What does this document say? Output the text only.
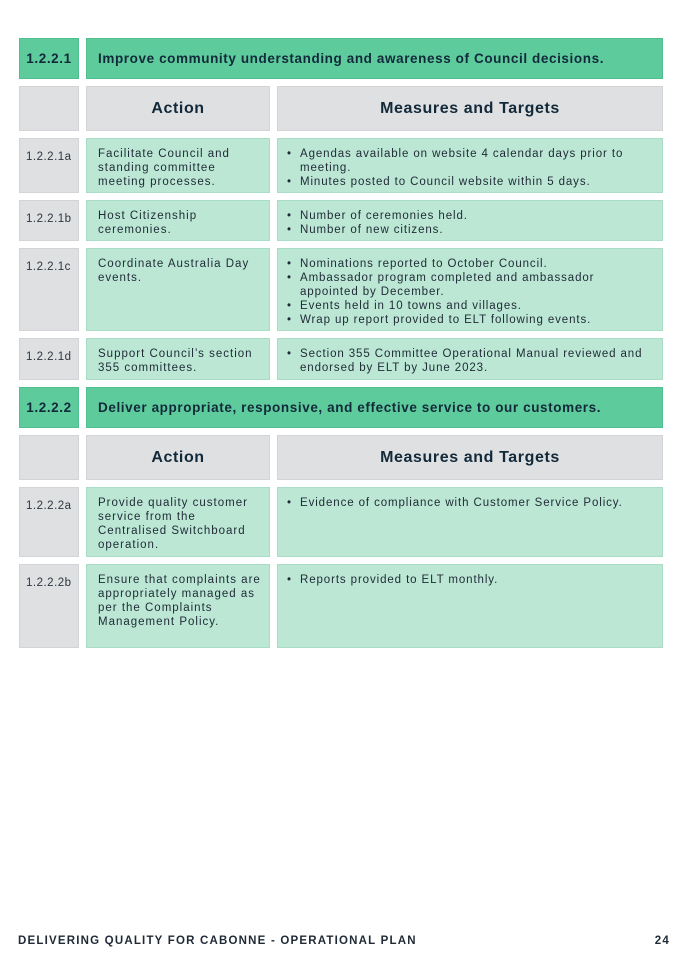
1.2.2.1	Improve community understanding and awareness of Council decisions.
Action	Measures and Targets
1.2.2.1a	Facilitate Council and standing committee meeting processes.
• Agendas available on website 4 calendar days prior to meeting.
• Minutes posted to Council website within 5 days.
1.2.2.1b	Host Citizenship ceremonies.
• Number of ceremonies held.
• Number of new citizens.
1.2.2.1c	Coordinate Australia Day events.
• Nominations reported to October Council.
• Ambassador program completed and ambassador appointed by December.
• Events held in 10 towns and villages.
• Wrap up report provided to ELT following events.
1.2.2.1d	Support Council’s section 355 committees.
• Section 355 Committee Operational Manual reviewed and endorsed by ELT by June 2023.
1.2.2.2	Deliver appropriate, responsive, and effective service to our customers.
Action	Measures and Targets
1.2.2.2a	Provide quality customer service from the Centralised Switchboard operation.
• Evidence of compliance with Customer Service Policy.
1.2.2.2b	Ensure that complaints are appropriately managed as per the Complaints Management Policy.
• Reports provided to ELT monthly.
DELIVERING QUALITY FOR CABONNE - OPERATIONAL PLAN	24
